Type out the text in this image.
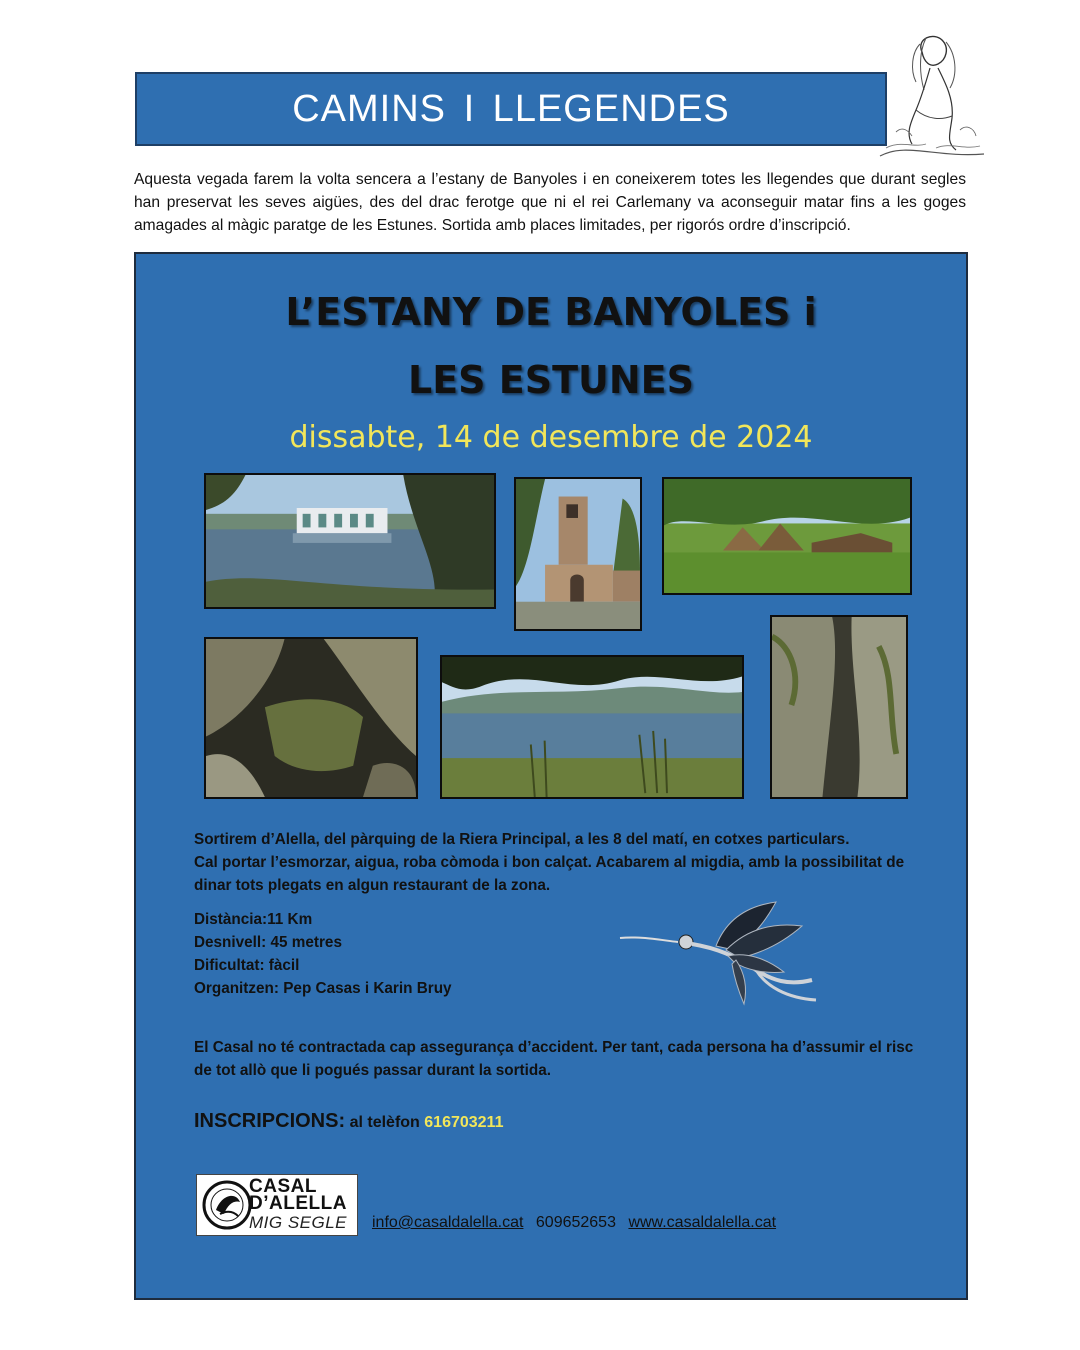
CAMINS I LLEGENDES

Aquesta vegada farem la volta sencera a l’estany de Banyoles i en coneixerem totes les llegendes que durant segles han preservat les seves aigües, des del drac ferotge que ni el rei Carlemany va aconseguir matar fins a les goges amagades al màgic paratge de les Estunes. Sortida amb places limitades, per rigorós ordre d’inscripció.

L’ESTANY DE BANYOLES i
LES ESTUNES
dissabte, 14 de desembre de 2024

Sortirem d’Alella, del pàrquing de la Riera Principal, a les 8 del matí, en cotxes particulars.

Cal portar l’esmorzar, aigua, roba còmoda i bon calçat. Acabarem al migdia, amb la possibilitat de dinar tots plegats en algun restaurant de la zona.

Distància:11 Km

Desnivell: 45 metres

Dificultat: fàcil

Organitzen: Pep Casas i Karin Bruy

El Casal no té contractada cap assegurança d’accident. Per tant, cada persona ha d’assumir el risc de tot allò que li pogués passar durant la sortida.

INSCRIPCIONS: al telèfon 616703211
CASAL
D’ALELLA
MIG SEGLE info@casaldalella.cat 609652653 www.casaldalella.cat
